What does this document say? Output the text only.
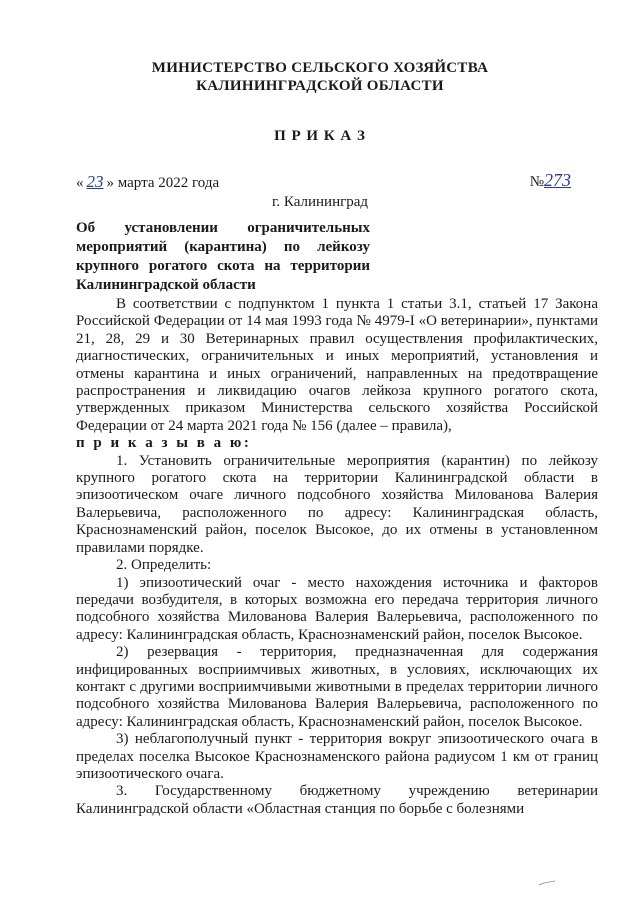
МИНИСТЕРСТВО СЕЛЬСКОГО ХОЗЯЙСТВА
КАЛИНИНГРАДСКОЙ ОБЛАСТИ
П Р И К А З
« 23 » марта 2022 года	№273
г. Калининград
Об установлении ограничительных мероприятий (карантина) по лейкозу крупного рогатого скота на территории Калининградской области

В соответствии с подпунктом 1 пункта 1 статьи 3.1, статьей 17 Закона Российской Федерации от 14 мая 1993 года № 4979-I «О ветеринарии», пунктами 21, 28, 29 и 30 Ветеринарных правил осуществления профилактических, диагностических, ограничительных и иных мероприятий, установления и отмены карантина и иных ограничений, направленных на предотвращение распространения и ликвидацию очагов лейкоза крупного рогатого скота, утвержденных приказом Министерства сельского хозяйства Российской Федерации от 24 марта 2021 года № 156 (далее – правила),

п р и к а з ы в а ю:

1. Установить ограничительные мероприятия (карантин) по лейкозу крупного рогатого скота на территории Калининградской области в эпизоотическом очаге личного подсобного хозяйства Милованова Валерия Валерьевича, расположенного по адресу: Калининградская область, Краснознаменский район, поселок Высокое, до их отмены в установленном правилами порядке.

2. Определить:

1) эпизоотический очаг - место нахождения источника и факторов передачи возбудителя, в которых возможна его передача территория личного подсобного хозяйства Милованова Валерия Валерьевича, расположенного по адресу: Калининградская область, Краснознаменский район, поселок Высокое.

2) резервация - территория, предназначенная для содержания инфицированных восприимчивых животных, в условиях, исключающих их контакт с другими восприимчивыми животными в пределах территории личного подсобного хозяйства Милованова Валерия Валерьевича, расположенного по адресу: Калининградская область, Краснознаменский район, поселок Высокое.

3) неблагополучный пункт - территория вокруг эпизоотического очага в пределах поселка Высокое Краснознаменского района радиусом 1 км от границ эпизоотического очага.

3. Государственному бюджетному учреждению ветеринарии Калининградской области «Областная станция по борьбе с болезнями
